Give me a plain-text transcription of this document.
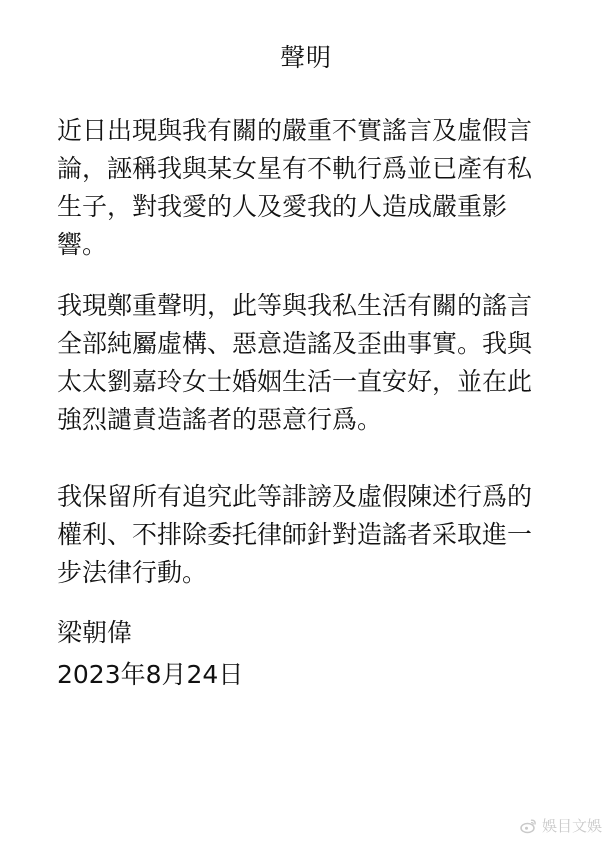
聲明
近日出現與我有關的嚴重不實謠言及虛假言
論，誣稱我與某女星有不軌行爲並已產有私
生子，對我愛的人及愛我的人造成嚴重影
響。
我現鄭重聲明，此等與我私生活有關的謠言
全部純屬虛構、惡意造謠及歪曲事實。我與
太太劉嘉玲女士婚姻生活一直安好，並在此
強烈譴責造謠者的惡意行爲。
我保留所有追究此等誹謗及虛假陳述行爲的
權利、不排除委托律師針對造謠者采取進一
步法律行動。
梁朝偉
2023年8月24日
娛目文娛
